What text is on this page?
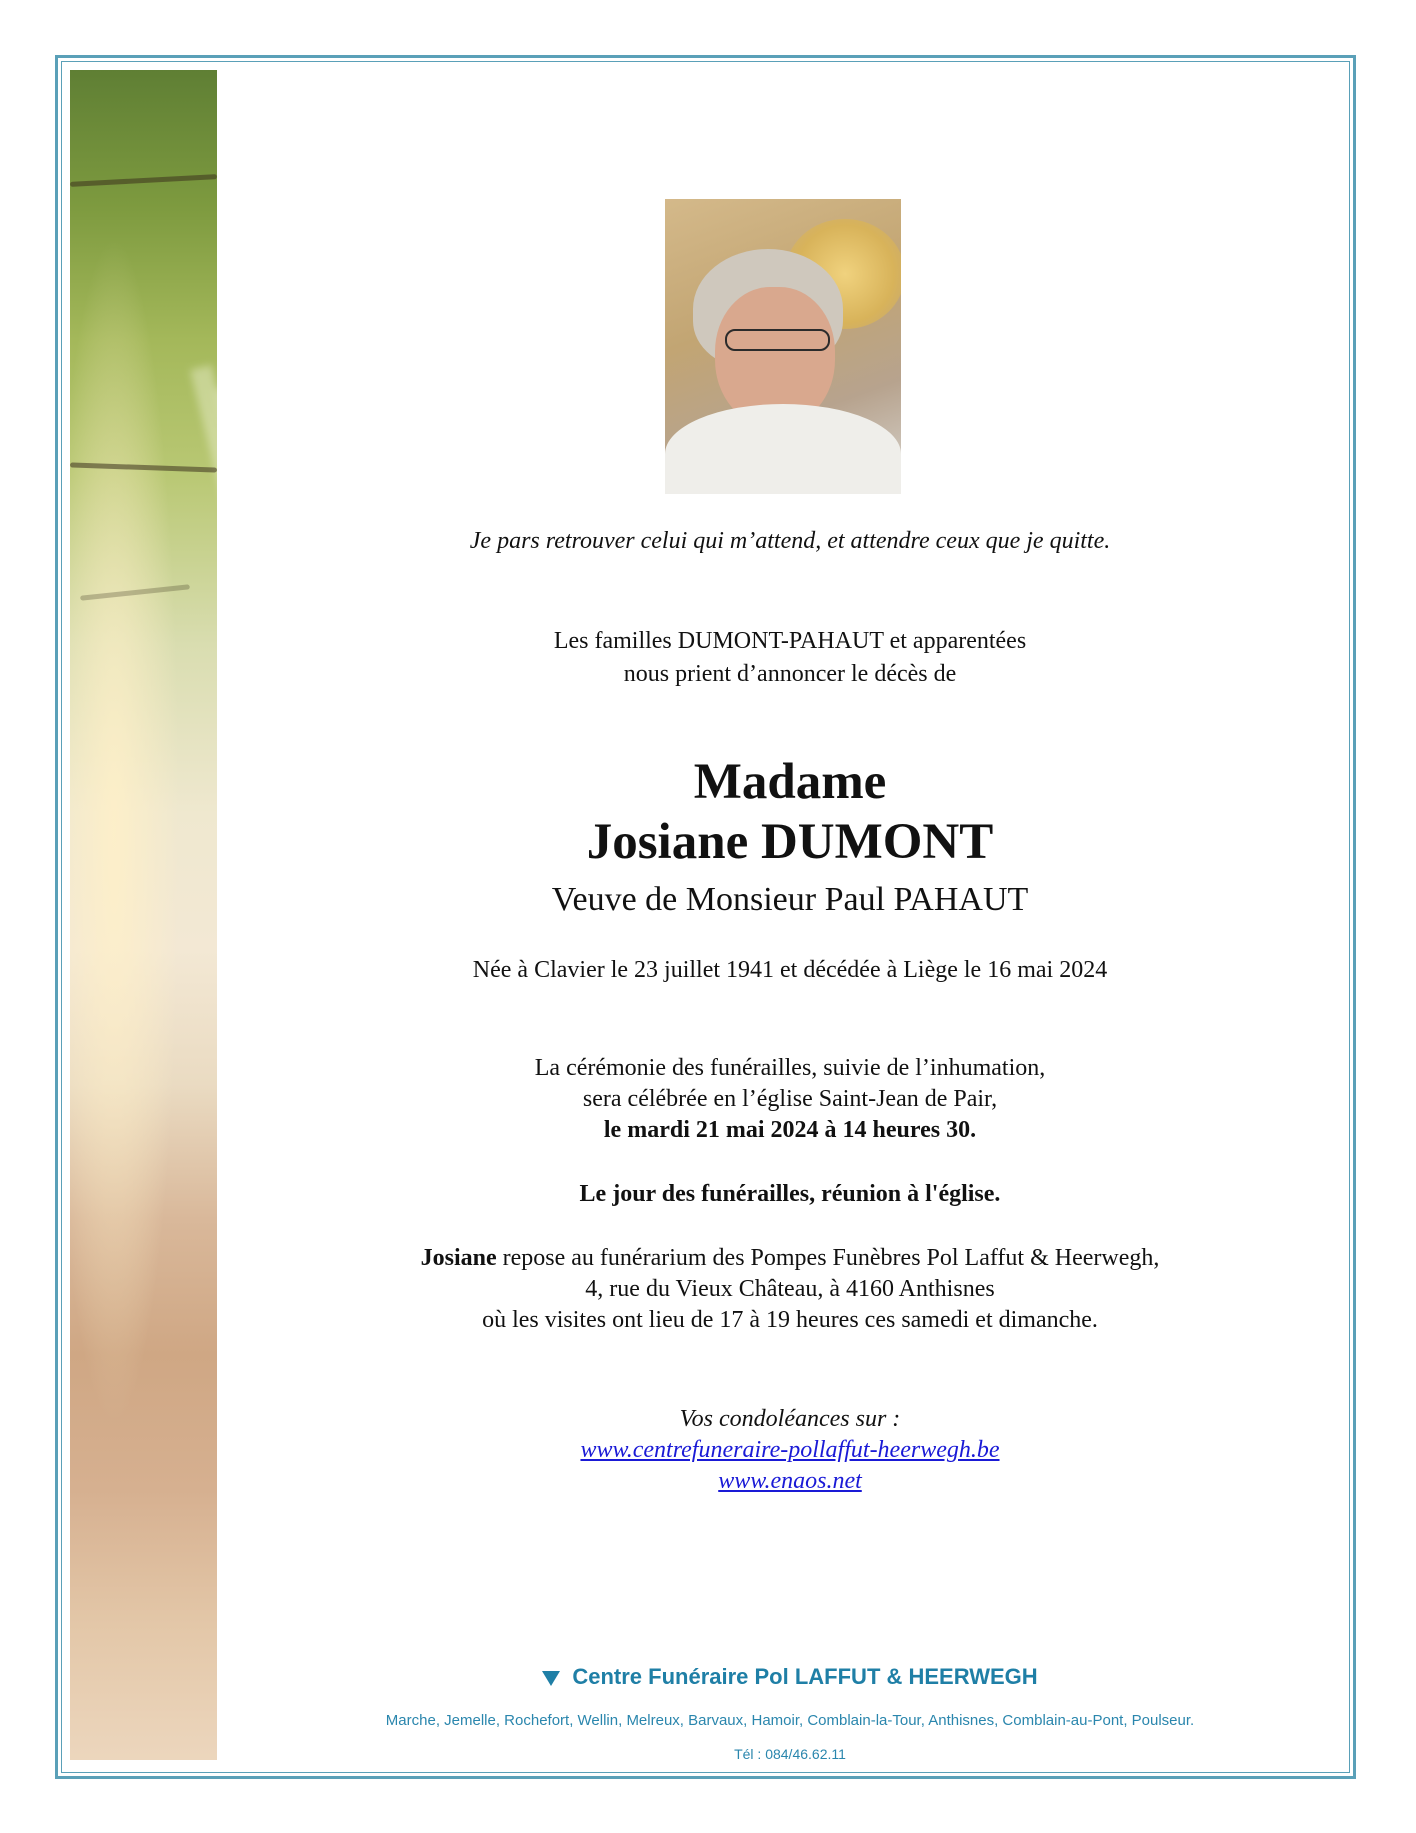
Je pars retrouver celui qui m’attend, et attendre ceux que je quitte.
Les familles DUMONT-PAHAUT et apparentées
nous prient d’annoncer le décès de
Madame
Josiane DUMONT
Veuve de Monsieur Paul PAHAUT
Née à Clavier le 23 juillet 1941 et décédée à Liège le 16 mai 2024
La cérémonie des funérailles, suivie de l’inhumation,
sera célébrée en l’église Saint-Jean de Pair,
le mardi 21 mai 2024 à 14 heures 30.
Le jour des funérailles, réunion à l'église.
Josiane repose au funérarium des Pompes Funèbres Pol Laffut & Heerwegh,
4, rue du Vieux Château, à 4160 Anthisnes
où les visites ont lieu de 17 à 19 heures ces samedi et dimanche.
Vos condoléances sur :
www.centrefuneraire-pollaffut-heerwegh.be
www.enaos.net
Centre Funéraire Pol LAFFUT & HEERWEGH
Marche, Jemelle, Rochefort, Wellin, Melreux, Barvaux, Hamoir, Comblain-la-Tour, Anthisnes, Comblain-au-Pont, Poulseur.
Tél : 084/46.62.11
